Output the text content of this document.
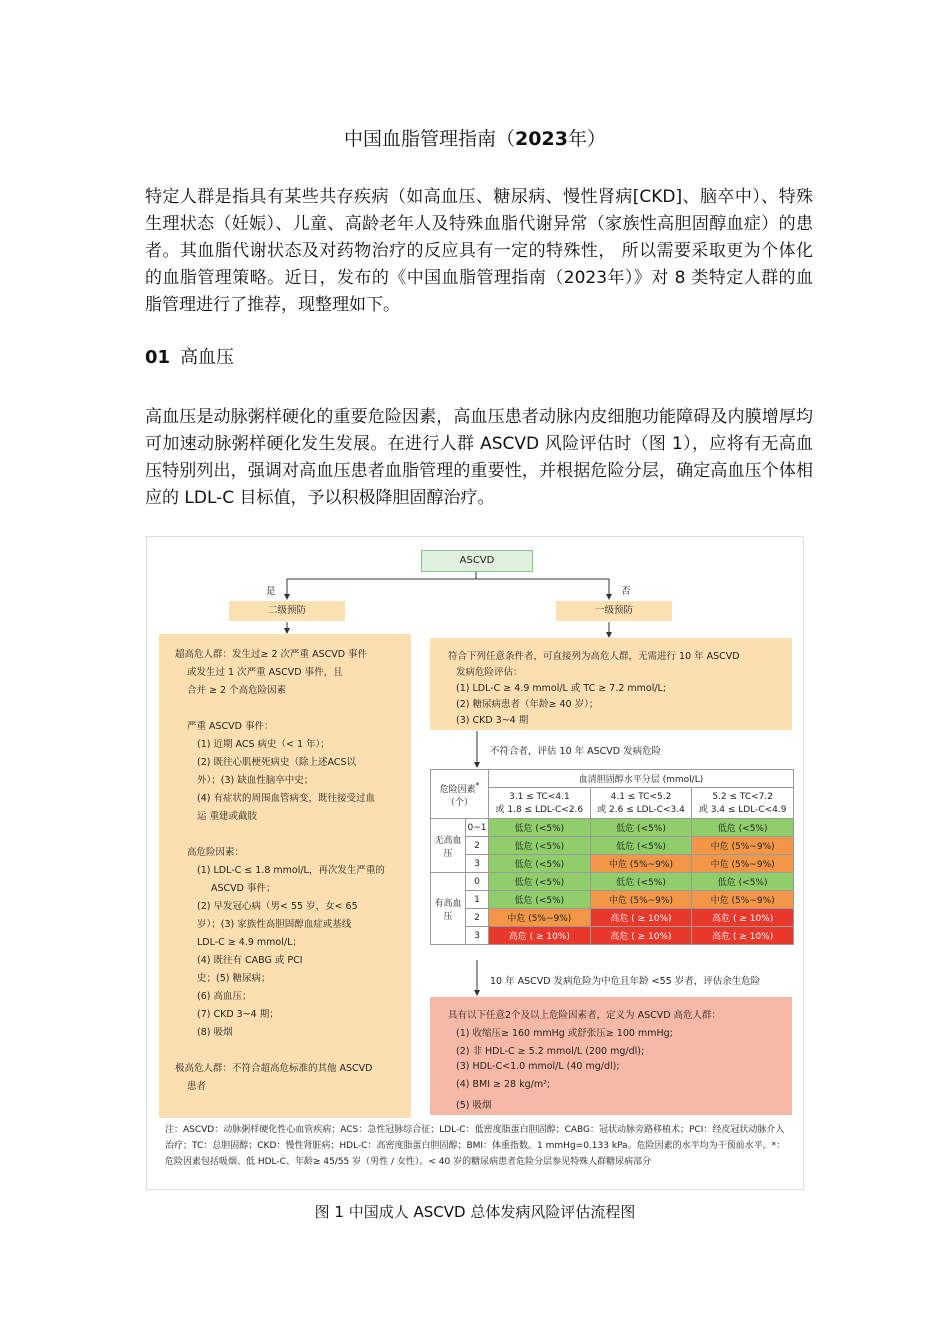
中国血脂管理指南（2023年）

特定人群是指具有某些共存疾病（如高血压、糖尿病、慢性肾病[CKD]、脑卒中）、特殊生理状态（妊娠）、儿童、高龄老年人及特殊血脂代谢异常（家族性高胆固醇血症）的患者。其血脂代谢状态及对药物治疗的反应具有一定的特殊性， 所以需要采取更为个体化的血脂管理策略。近日，发布的《中国血脂管理指南（2023年）》对 8 类特定人群的血脂管理进行了推荐，现整理如下。

01 高血压

高血压是动脉粥样硬化的重要危险因素，高血压患者动脉内皮细胞功能障碍及内膜增厚均可加速动脉粥样硬化发生发展。在进行人群 ASCVD 风险评估时（图 1），应将有无高血压特别列出，强调对高血压患者血脂管理的重要性，并根据危险分层，确定高血压个体相应的 LDL-C 目标值，予以积极降胆固醇治疗。

ASCVD
是	否
二级预防	一级预防
超高危人群：发生过≥ 2 次严重 ASCVD 事件
或发生过 1 次严重 ASCVD 事件，且
合并 ≥ 2 个高危险因素
严重 ASCVD 事件：
(1) 近期 ACS 病史（< 1 年）；
(2) 既往心肌梗死病史（除上述ACS以
外）；(3) 缺血性脑卒中史；
(4) 有症状的周围血管病变，既往接受过血
运 重建或截肢
高危险因素：
(1) LDL-C ≤ 1.8 mmol/L，再次发生严重的
ASCVD 事件；
(2) 早发冠心病（男< 55 岁，女< 65
岁）；(3) 家族性高胆固醇血症或基线
LDL-C ≥ 4.9 mmol/L；
(4) 既往有 CABG 或 PCI
史；(5) 糖尿病；
(6) 高血压；
(7) CKD 3~4 期；
(8) 吸烟
极高危人群：不符合超高危标准的其他 ASCVD
患者
符合下列任意条件者，可直接列为高危人群，无需进行 10 年 ASCVD
发病危险评估：
(1) LDL-C ≥ 4.9 mmol/L 或 TC ≥ 7.2 mmol/L;
(2) 糖尿病患者（年龄≥ 40 岁）；
(3) CKD 3~4 期
不符合者，评估 10 年 ASCVD 发病危险
危险因素*
（个）		血清胆固醇水平分层 (mmol/L)		
		3.1 ≤ TC<4.1
或 1.8 ≤ LDL-C<2.6	4.1 ≤ TC<5.2
或 2.6 ≤ LDL-C<3.4	5.2 ≤ TC<7.2
或 3.4 ≤ LDL-C<4.9
无高血压	0~1	低危 (<5%)	低危 (<5%)	低危 (<5%)
	2	低危 (<5%)	低危 (<5%)	中危 (5%~9%)
	3	低危 (<5%)	中危 (5%~9%)	中危 (5%~9%)
有高血压	0	低危 (<5%)	低危 (<5%)	低危 (<5%)
	1	低危 (<5%)	中危 (5%~9%)	中危 (5%~9%)
	2	中危 (5%~9%)	高危 ( ≥ 10%)	高危 ( ≥ 10%)
	3	高危 ( ≥ 10%)	高危 ( ≥ 10%)	高危 ( ≥ 10%)
10 年 ASCVD 发病危险为中危且年龄 <55 岁者，评估余生危险
具有以下任意2个及以上危险因素者，定义为 ASCVD 高危人群：
(1) 收缩压≥ 160 mmHg 或舒张压≥ 100 mmHg;
(2) 非 HDL-C ≥ 5.2 mmol/L (200 mg/dl);
(3) HDL-C<1.0 mmol/L (40 mg/dl);
(4) BMI ≥ 28 kg/m²;
(5) 吸烟
注：ASCVD：动脉粥样硬化性心血管疾病；ACS：急性冠脉综合征；LDL-C：低密度脂蛋白胆固醇；CABG：冠状动脉旁路移植术；PCI：经皮冠状动脉介入治疗；TC：总胆固醇；CKD：慢性肾脏病；HDL-C：高密度脂蛋白胆固醇；BMI：体重指数。1 mmHg=0.133 kPa。危险因素的水平均为干预前水平。*：危险因素包括吸烟、低 HDL-C、年龄≥ 45/55 岁（男性 / 女性）。< 40 岁的糖尿病患者危险分层参见特殊人群糖尿病部分
图 1 中国成人 ASCVD 总体发病风险评估流程图
